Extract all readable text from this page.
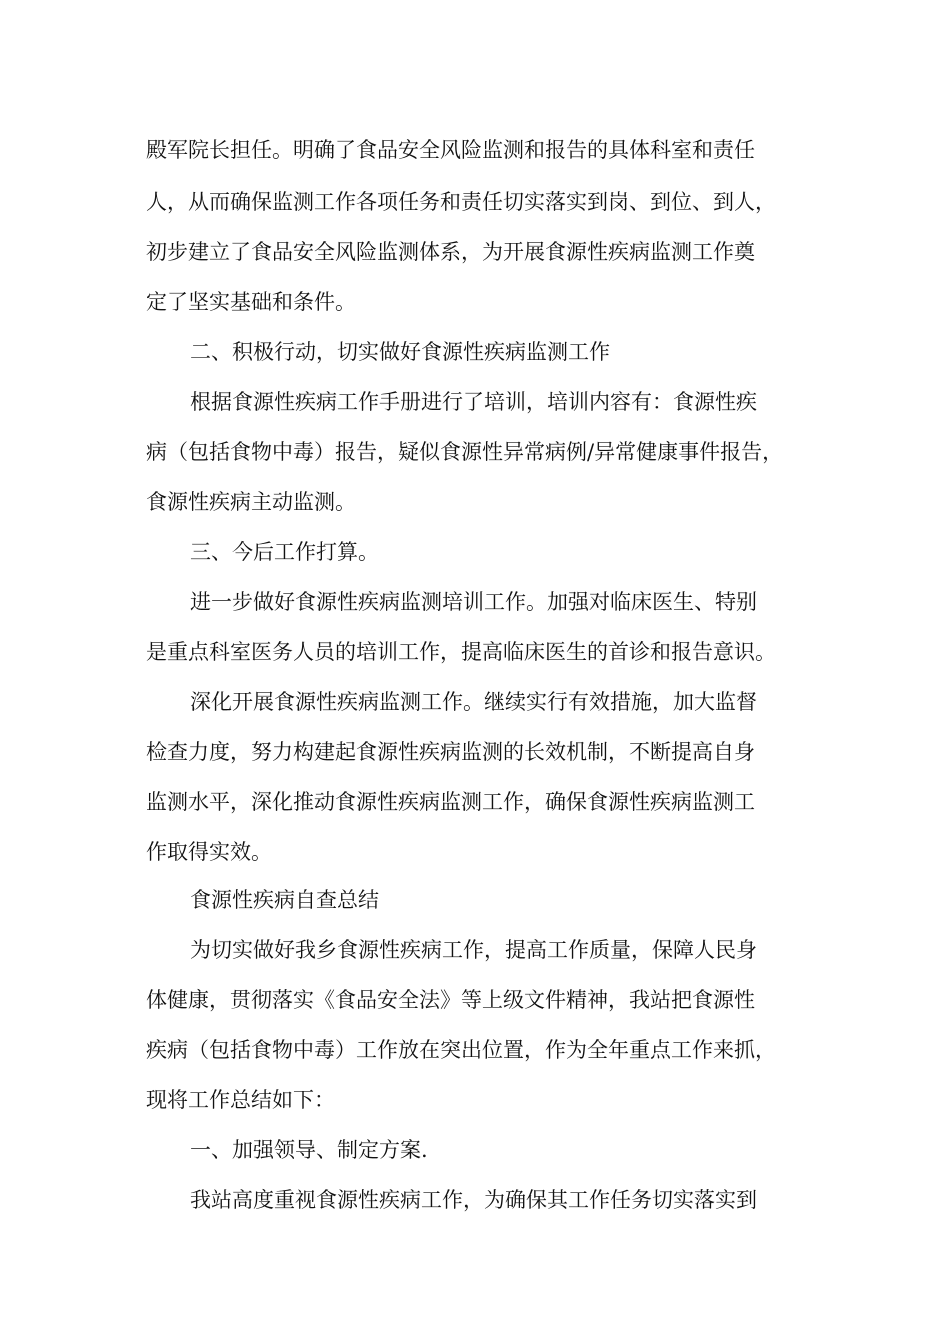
殿军院长担任。明确了食品安全风险监测和报告的具体科室和责任
人，从而确保监测工作各项任务和责任切实落实到岗、到位、到人，
初步建立了食品安全风险监测体系，为开展食源性疾病监测工作奠
定了坚实基础和条件。
二、积极行动，切实做好食源性疾病监测工作
根据食源性疾病工作手册进行了培训，培训内容有：食源性疾
病（包括食物中毒）报告，疑似食源性异常病例/异常健康事件报告，
食源性疾病主动监测。
三、今后工作打算。
进一步做好食源性疾病监测培训工作。加强对临床医生、特别
是重点科室医务人员的培训工作，提高临床医生的首诊和报告意识。
深化开展食源性疾病监测工作。继续实行有效措施，加大监督
检查力度，努力构建起食源性疾病监测的长效机制，不断提高自身
监测水平，深化推动食源性疾病监测工作，确保食源性疾病监测工
作取得实效。
食源性疾病自查总结
为切实做好我乡食源性疾病工作，提高工作质量，保障人民身
体健康，贯彻落实《食品安全法》等上级文件精神，我站把食源性
疾病（包括食物中毒）工作放在突出位置，作为全年重点工作来抓，
现将工作总结如下：
一、加强领导、制定方案.
我站高度重视食源性疾病工作，为确保其工作任务切实落实到
